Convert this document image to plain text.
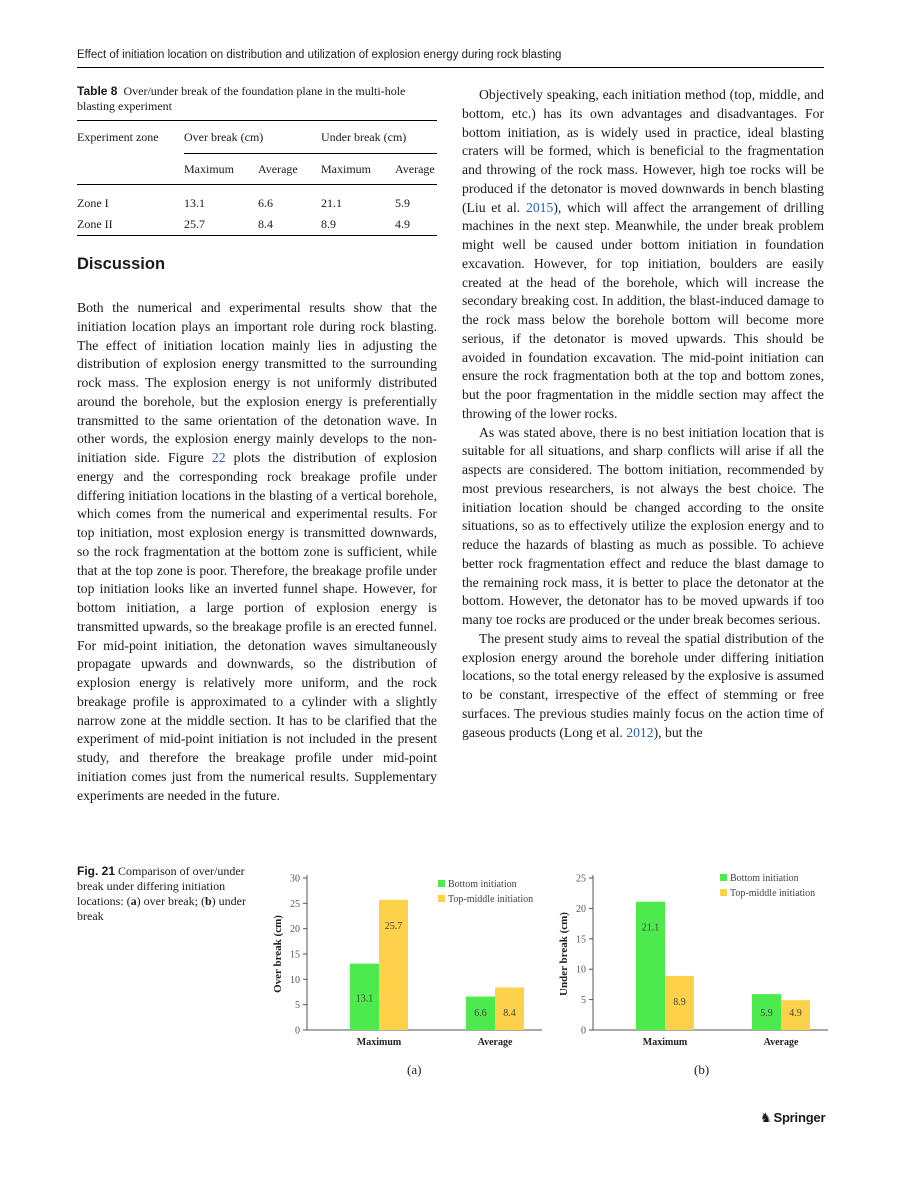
Effect of initiation location on distribution and utilization of explosion energy during rock blasting
Table 8 Over/under break of the foundation plane in the multi-hole blasting experiment
Experiment zone	Over break (cm)		Under break (cm)	
	Maximum	Average	Maximum	Average
Zone I	13.1	6.6	21.1	5.9
Zone II	25.7	8.4	8.9	4.9
Discussion

Both the numerical and experimental results show that the initiation location plays an important role during rock blasting. The effect of initiation location mainly lies in adjusting the distribution of explosion energy transmitted to the surrounding rock mass. The explosion energy is not uniformly distributed around the borehole, but the explosion energy is preferentially transmitted to the same orientation of the detonation wave. In other words, the explosion energy mainly develops to the non-initiation side. Figure 22 plots the distribution of explosion energy and the corresponding rock breakage profile under differing initiation locations in the blasting of a vertical borehole, which comes from the numerical and experimental results. For top initiation, most explosion energy is transmitted downwards, so the rock fragmentation at the bottom zone is sufficient, while that at the top zone is poor. Therefore, the breakage profile under top initiation looks like an inverted funnel shape. However, for bottom initiation, a large portion of explosion energy is transmitted upwards, so the breakage profile is an erected funnel. For mid-point initiation, the detonation waves simultaneously propagate upwards and downwards, so the distribution of explosion energy is relatively more uniform, and the rock breakage profile is approximated to a cylinder with a slightly narrow zone at the middle section. It has to be clarified that the experiment of mid-point initiation is not included in the present study, and therefore the breakage profile under mid-point initiation comes just from the numerical results. Supplementary experiments are needed in the future.

Objectively speaking, each initiation method (top, middle, and bottom, etc.) has its own advantages and disadvantages. For bottom initiation, as is widely used in practice, ideal blasting craters will be formed, which is beneficial to the fragmentation and throwing of the rock mass. However, high toe rocks will be produced if the detonator is moved downwards in bench blasting (Liu et al. 2015), which will affect the arrangement of drilling machines in the next step. Meanwhile, the under break problem might well be caused under bottom initiation in foundation excavation. However, for top initiation, boulders are easily created at the head of the borehole, which will increase the secondary breaking cost. In addition, the blast-induced damage to the rock mass below the borehole bottom will become more serious, if the detonator is moved upwards. This should be avoided in foundation excavation. The mid-point initiation can ensure the rock fragmentation both at the top and bottom zones, but the poor fragmentation in the middle section may affect the throwing of the lower rocks.

As was stated above, there is no best initiation location that is suitable for all situations, and sharp conflicts will arise if all the aspects are considered. The bottom initiation, recommended by most previous researchers, is not always the best choice. The initiation location should be changed according to the onsite situations, so as to effectively utilize the explosion energy and to reduce the hazards of blasting as much as possible. To achieve better rock fragmentation effect and reduce the blast damage to the remaining rock mass, it is better to place the detonator at the bottom. However, the detonator has to be moved upwards if too many toe rocks are produced or the under break becomes serious.

The present study aims to reveal the spatial distribution of the explosion energy around the borehole under differing initiation locations, so the total energy released by the explosive is assumed to be constant, irrespective of the effect of stemming or free surfaces. The previous studies mainly focus on the action time of gaseous products (Long et al. 2012), but the

Fig. 21 Comparison of over/under break under differing initiation locations: (a) over break; (b) under break
0
5
10
15
20
25
30
Over break (cm)
13.1
25.7
Maximum
6.6 8.4
Average
Bottom initiation
Top-middle initiation
0
5
10
15
20
25
Under break (cm)	21.1
8.9
Maximum
5.9 4.9
Average
Bottom initiation
Top-middle initiation
(a)	(b)
♞ Springer
